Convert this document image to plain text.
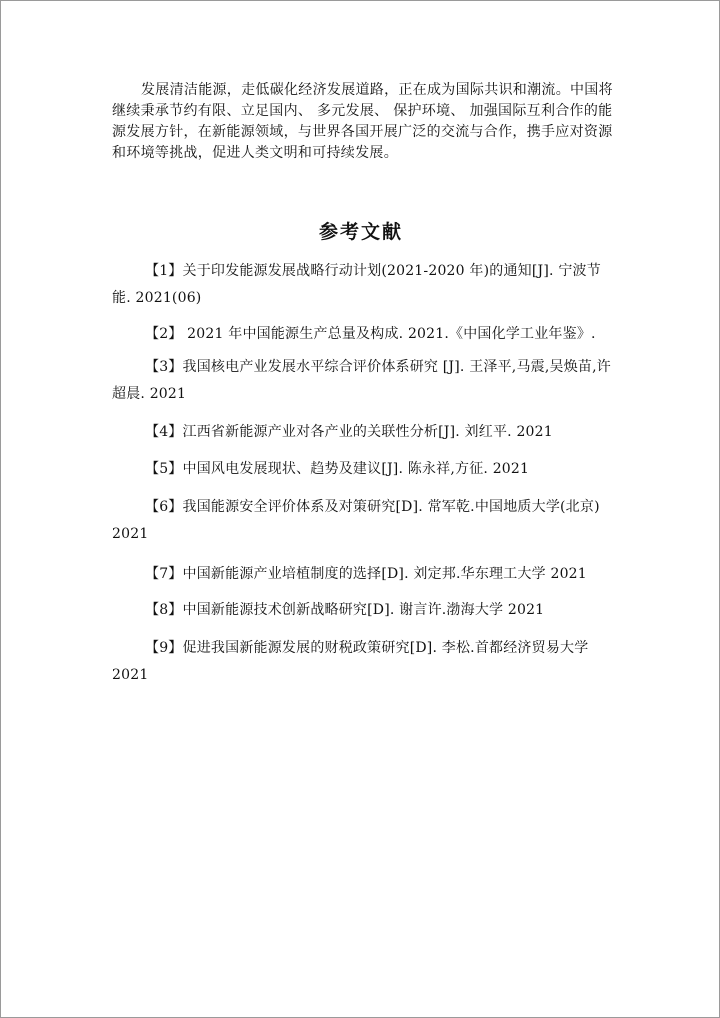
发展清洁能源，走低碳化经济发展道路，正在成为国际共识和潮流。中国将继续秉承节约有限、立足国内、 多元发展、 保护环境、 加强国际互利合作的能源发展方针，在新能源领域，与世界各国开展广泛的交流与合作，携手应对资源和环境等挑战，促进人类文明和可持续发展。

参考文献

【1】关于印发能源发展战略行动计划(2021-2020 年)的通知[J]. 宁波节能. 2021(06)

【2】 2021 年中国能源生产总量及构成. 2021.《中国化学工业年鉴》.

【3】我国核电产业发展水平综合评价体系研究 [J]. 王泽平,马震,吴焕苗,许超晨. 2021

【4】江西省新能源产业对各产业的关联性分析[J]. 刘红平. 2021

【5】中国风电发展现状、趋势及建议[J]. 陈永祥,方征. 2021

【6】我国能源安全评价体系及对策研究[D]. 常军乾.中国地质大学(北京) 2021

【7】中国新能源产业培植制度的选择[D]. 刘定邦.华东理工大学 2021

【8】中国新能源技术创新战略研究[D]. 谢言许.渤海大学 2021

【9】促进我国新能源发展的财税政策研究[D]. 李松.首都经济贸易大学 2021
